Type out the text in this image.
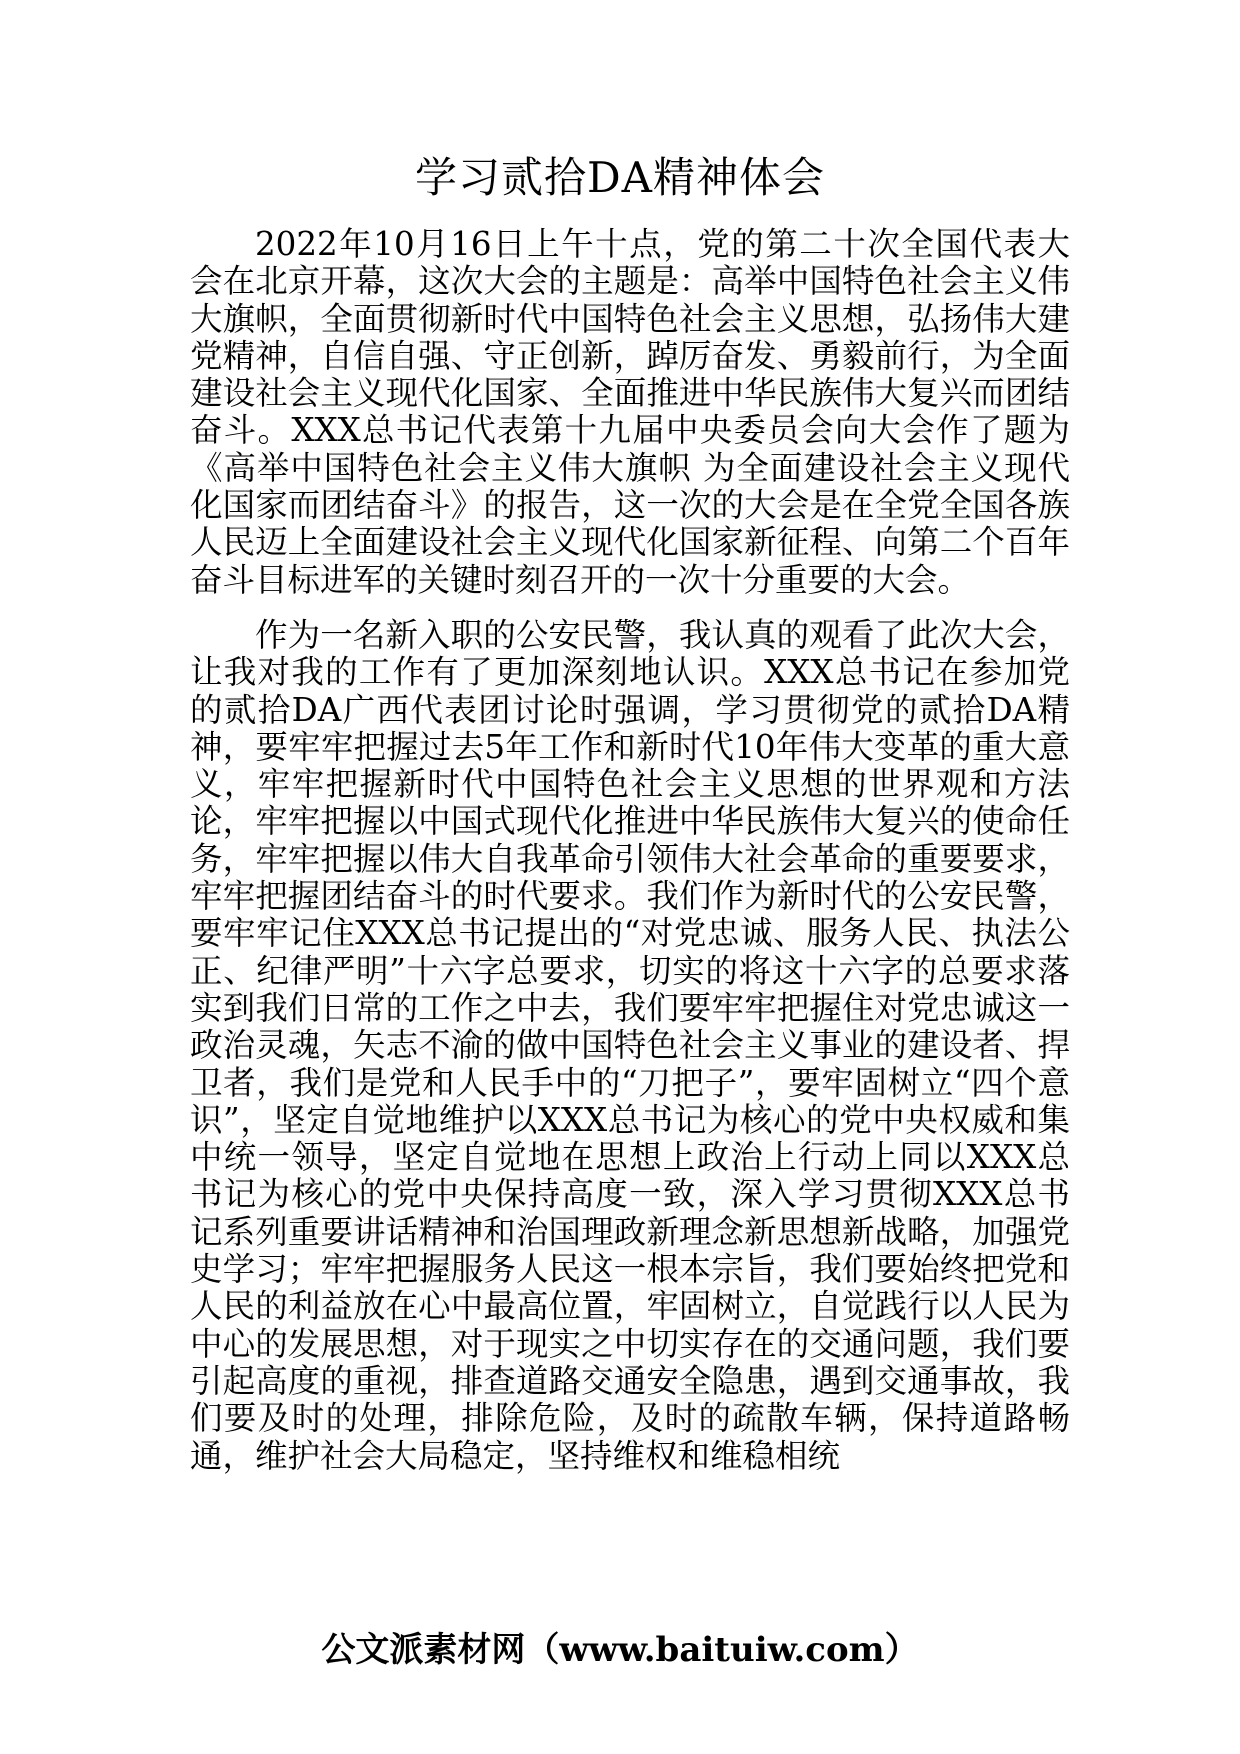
学习贰拾DA精神体会

2022年10月16日上午十点，党的第二十次全国代表大会在北京开幕，这次大会的主题是：高举中国特色社会主义伟大旗帜，全面贯彻新时代中国特色社会主义思想，弘扬伟大建党精神，自信自强、守正创新，踔厉奋发、勇毅前行，为全面建设社会主义现代化国家、全面推进中华民族伟大复兴而团结奋斗。XXX总书记代表第十九届中央委员会向大会作了题为《高举中国特色社会主义伟大旗帜 为全面建设社会主义现代化国家而团结奋斗》的报告，这一次的大会是在全党全国各族人民迈上全面建设社会主义现代化国家新征程、向第二个百年奋斗目标进军的关键时刻召开的一次十分重要的大会。

作为一名新入职的公安民警，我认真的观看了此次大会，让我对我的工作有了更加深刻地认识。XXX总书记在参加党的贰拾DA广西代表团讨论时强调，学习贯彻党的贰拾DA精神，要牢牢把握过去5年工作和新时代10年伟大变革的重大意义，牢牢把握新时代中国特色社会主义思想的世界观和方法论，牢牢把握以中国式现代化推进中华民族伟大复兴的使命任务，牢牢把握以伟大自我革命引领伟大社会革命的重要要求，牢牢把握团结奋斗的时代要求。我们作为新时代的公安民警，要牢牢记住XXX总书记提出的“对党忠诚、服务人民、执法公正、纪律严明”十六字总要求，切实的将这十六字的总要求落实到我们日常的工作之中去，我们要牢牢把握住对党忠诚这一政治灵魂，矢志不渝的做中国特色社会主义事业的建设者、捍卫者，我们是党和人民手中的“刀把子”，要牢固树立“四个意识”，坚定自觉地维护以XXX总书记为核心的党中央权威和集中统一领导，坚定自觉地在思想上政治上行动上同以XXX总书记为核心的党中央保持高度一致，深入学习贯彻XXX总书记系列重要讲话精神和治国理政新理念新思想新战略，加强党史学习；牢牢把握服务人民这一根本宗旨，我们要始终把党和人民的利益放在心中最高位置，牢固树立，自觉践行以人民为中心的发展思想，对于现实之中切实存在的交通问题，我们要引起高度的重视，排查道路交通安全隐患，遇到交通事故，我们要及时的处理，排除危险，及时的疏散车辆，保持道路畅通，维护社会大局稳定，坚持维权和维稳相统

公文派素材网（www.baituiw.com）
